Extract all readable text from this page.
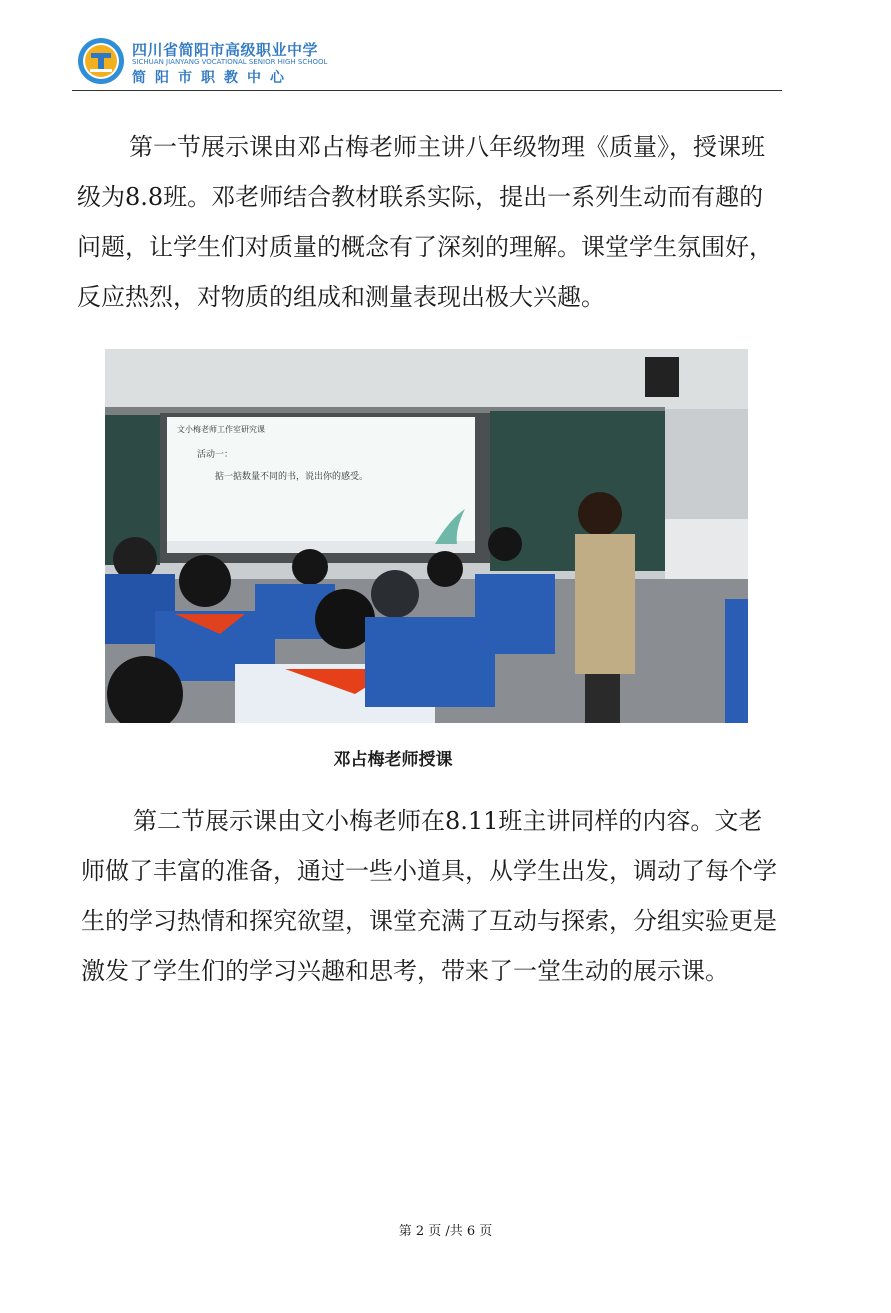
四川省简阳市高级职业中学
SICHUAN JIANYANG VOCATIONAL SENIOR HIGH SCHOOL
简阳市职教中心

第一节展示课由邓占梅老师主讲八年级物理《质量》，授课班级为8.8班。邓老师结合教材联系实际，提出一系列生动而有趣的问题，让学生们对质量的概念有了深刻的理解。课堂学生氛围好，反应热烈，对物质的组成和测量表现出极大兴趣。

文小梅老师工作室研究课
活动一：
掂一掂数量不同的书，说出你的感受。
邓占梅老师授课

第二节展示课由文小梅老师在8.11班主讲同样的内容。文老师做了丰富的准备，通过一些小道具，从学生出发，调动了每个学生的学习热情和探究欲望，课堂充满了互动与探索，分组实验更是激发了学生们的学习兴趣和思考，带来了一堂生动的展示课。

第 2 页 /共 6 页
